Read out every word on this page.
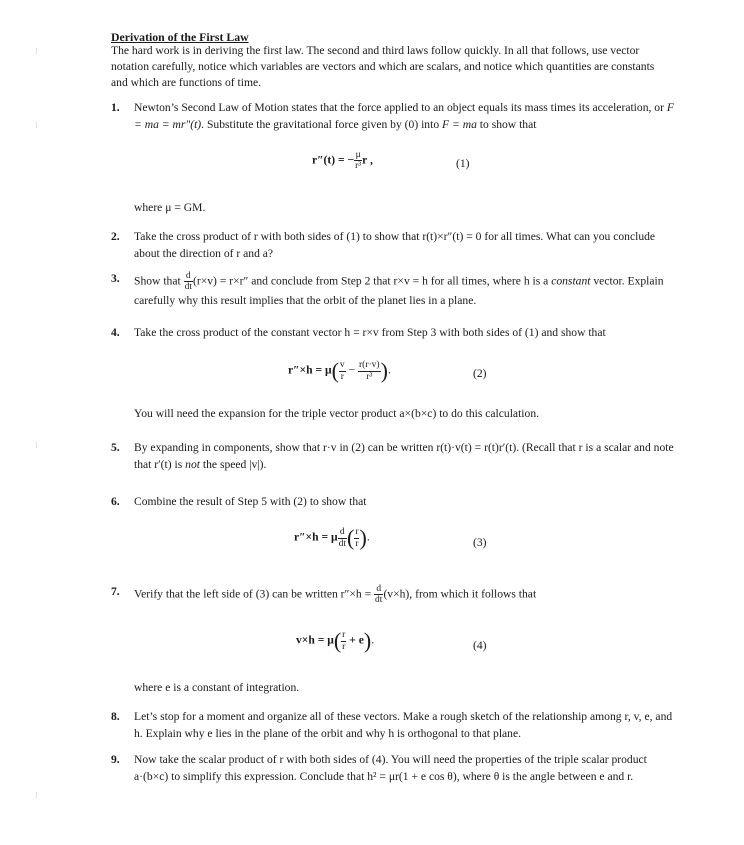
⁞
⁞
⁞
⁞
Derivation of the First Law
The hard work is in deriving the first law. The second and third laws follow quickly. In all that follows, use vector notation carefully, notice which variables are vectors and which are scalars, and notice which quantities are constants and which are functions of time.
1. Newton’s Second Law of Motion states that the force applied to an object equals its mass times its acceleration, or F = ma = mr″(t). Substitute the gravitational force given by (0) into F = ma to show that
r″(t) = − $\frac{\mu}{\text{r³}}$ r ,	(1)
where μ = GM.
2. Take the cross product of r with both sides of (1) to show that r(t)×r″(t) = 0 for all times. What can you conclude about the direction of r and a?
3. Show that $\frac{d}{dt} (r\times v) = r\times r''$ and conclude from Step 2 that r×v = h for all times, where h is a constant vector. Explain carefully why this result implies that the orbit of the planet lies in a plane.
4. Take the cross product of the constant vector h = r×v from Step 3 with both sides of (1) and show that
$r''\times h = \mu( \frac{v}{r} - \frac{r(r\cdot v)}{\text{r³}}$ ).	(2)
You will need the expansion for the triple vector product a×(b×c) to do this calculation.
5. By expanding in components, show that r·v in (2) can be written r(t)·v(t) = r(t)r′(t). (Recall that r is a scalar and note that r′(t) is not the speed |v|).
6. Combine the result of Step 5 with (2) to show that
r″×h = μ $\frac{d}{dt}$ ( $\frac{r}{r}$ ).	(3)
7. Verify that the left side of (3) can be written $r''\times h = \frac{d}{dt} (v\times h)$, from which it follows that
$v\times h = \mu( \frac{r}{r} + e)$.	(4)
where e is a constant of integration.
8. Let’s stop for a moment and organize all of these vectors. Make a rough sketch of the relationship among r, v, e, and h. Explain why e lies in the plane of the orbit and why h is orthogonal to that plane.
9. Now take the scalar product of r with both sides of (4). You will need the properties of the triple scalar product a·(b×c) to simplify this expression. Conclude that h² = μr(1 + e cos θ), where θ is the angle between e and r.
